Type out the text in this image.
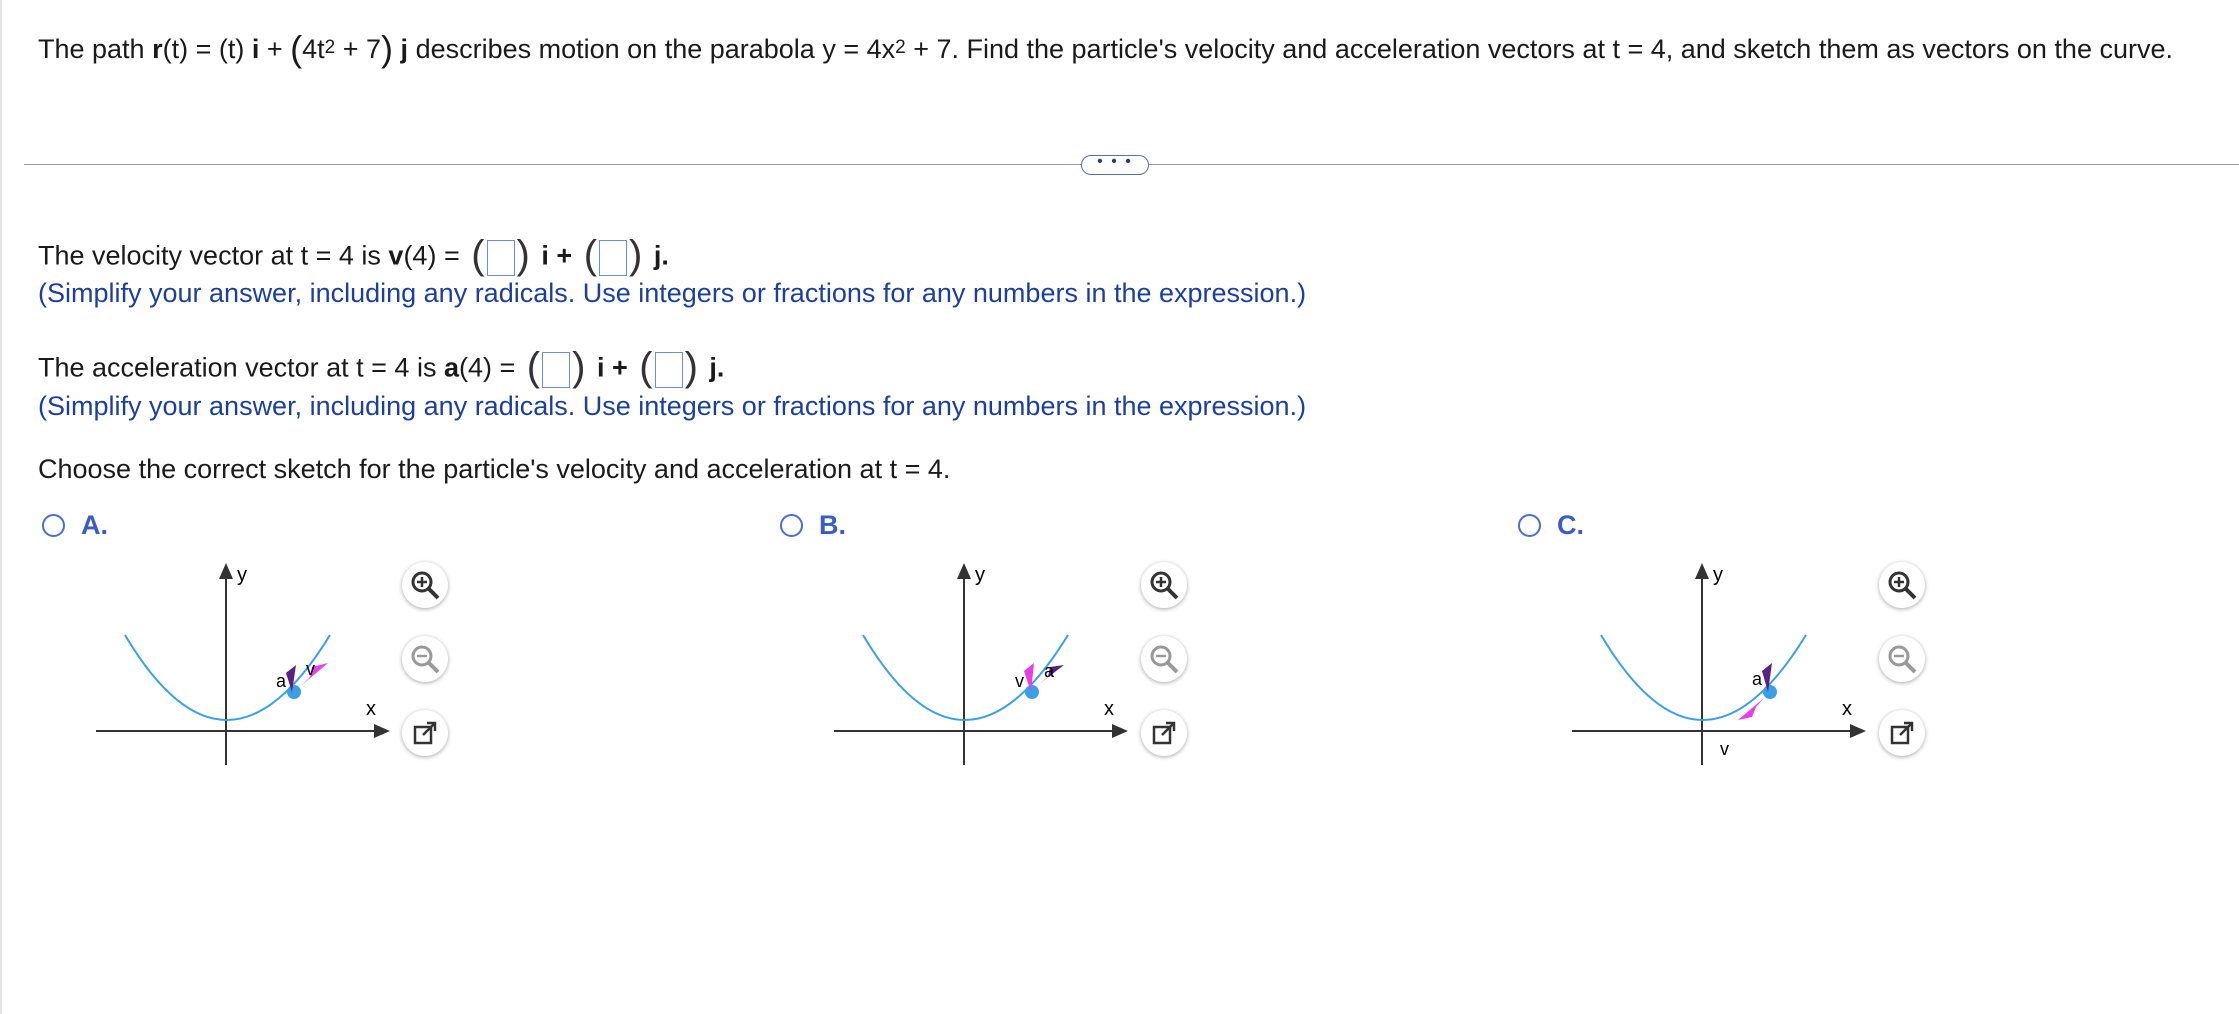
The path r(t) = (t) $i + (4t^2 + 7)$ j describes motion on the parabola $y = 4x^2 + 7$. Find the particle's velocity and acceleration vectors at t = 4, and sketch them as vectors on the curve.
• • •
The velocity vector at t = 4 is v(4) = ( ) i + ( ) j.
(Simplify your answer, including any radicals. Use integers or fractions for any numbers in the expression.)
The acceleration vector at t = 4 is a(4) = ( ) i + ( ) j.
(Simplify your answer, including any radicals. Use integers or fractions for any numbers in the expression.)
Choose the correct sketch for the particle's velocity and acceleration at t = 4.
A.
y
x
a
v
B.
y
x
v a
C.
y
x
a
v
